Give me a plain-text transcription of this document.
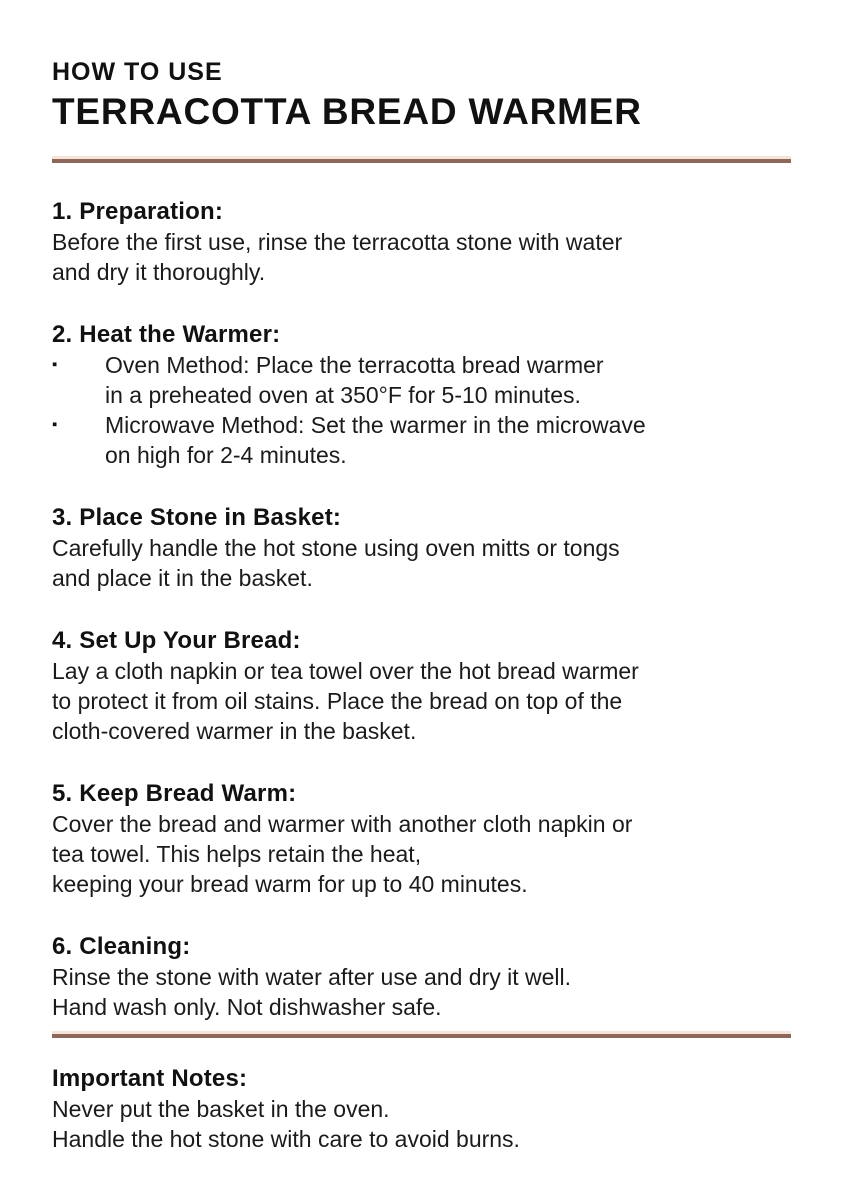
HOW TO USE
TERRACOTTA BREAD WARMER
1. Preparation:
Before the first use, rinse the terracotta stone with water
and dry it thoroughly.
2. Heat the Warmer:
▪	Oven Method: Place the terracotta bread warmer
in a preheated oven at 350°F for 5-10 minutes.
▪	Microwave Method: Set the warmer in the microwave
on high for 2-4 minutes.
3. Place Stone in Basket:
Carefully handle the hot stone using oven mitts or tongs
and place it in the basket.
4. Set Up Your Bread:
Lay a cloth napkin or tea towel over the hot bread warmer
to protect it from oil stains. Place the bread on top of the
cloth-covered warmer in the basket.
5. Keep Bread Warm:
Cover the bread and warmer with another cloth napkin or
tea towel. This helps retain the heat,
keeping your bread warm for up to 40 minutes.
6. Cleaning:
Rinse the stone with water after use and dry it well.
Hand wash only. Not dishwasher safe.
Important Notes:
Never put the basket in the oven.
Handle the hot stone with care to avoid burns.
